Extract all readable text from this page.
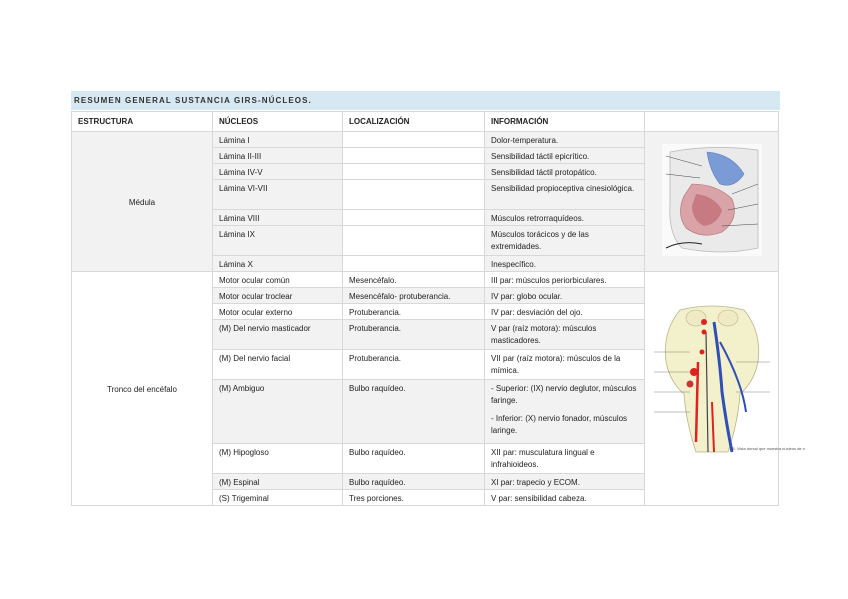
RESUMEN GENERAL SUSTANCIA GIRS-NÚCLEOS.
ESTRUCTURA	NÚCLEOS	LOCALIZACIÓN	INFORMACIÓN	
Médula	Lámina I		Dolor-temperatura.	
	Lámina II-III		Sensibilidad táctil epicrítico.	
	Lámina IV-V		Sensibilidad táctil protopático.	
	Lámina VI-VII		Sensibilidad propioceptiva cinesiológica.	
	Lámina VIII		Músculos retrorraquídeos.	
	Lámina IX		Músculos torácicos y de las extremidades.	
	Lámina X		Inespecífico.	
Tronco del encéfalo	Motor ocular común	Mesencéfalo.	III par: músculos periorbiculares.	B. Vista dorsal que muestra núcleos de n

	Motor ocular troclear	Mesencéfalo- protuberancia.	IV par: globo ocular.	
	Motor ocular externo	Protuberancia.	IV par: desviación del ojo.	
	(M) Del nervio masticador	Protuberancia.	V par (raíz motora): músculos masticadores.	
	(M) Del nervio facial	Protuberancia.	VII par (raíz motora): músculos de la mímica.	
	(M) Ambiguo	Bulbo raquídeo.	- Superior: (IX) nervio deglutor, músculos faringe.
- Inferior: (X) nervio fonador, músculos laringe.	

	(M) Hipogloso	Bulbo raquídeo.	XII par: musculatura lingual e infrahioideos.	
	(M) Espinal	Bulbo raquídeo.	XI par: trapecio y ECOM.	
	(S) Trigeminal	Tres porciones.	V par: sensibilidad cabeza.	
